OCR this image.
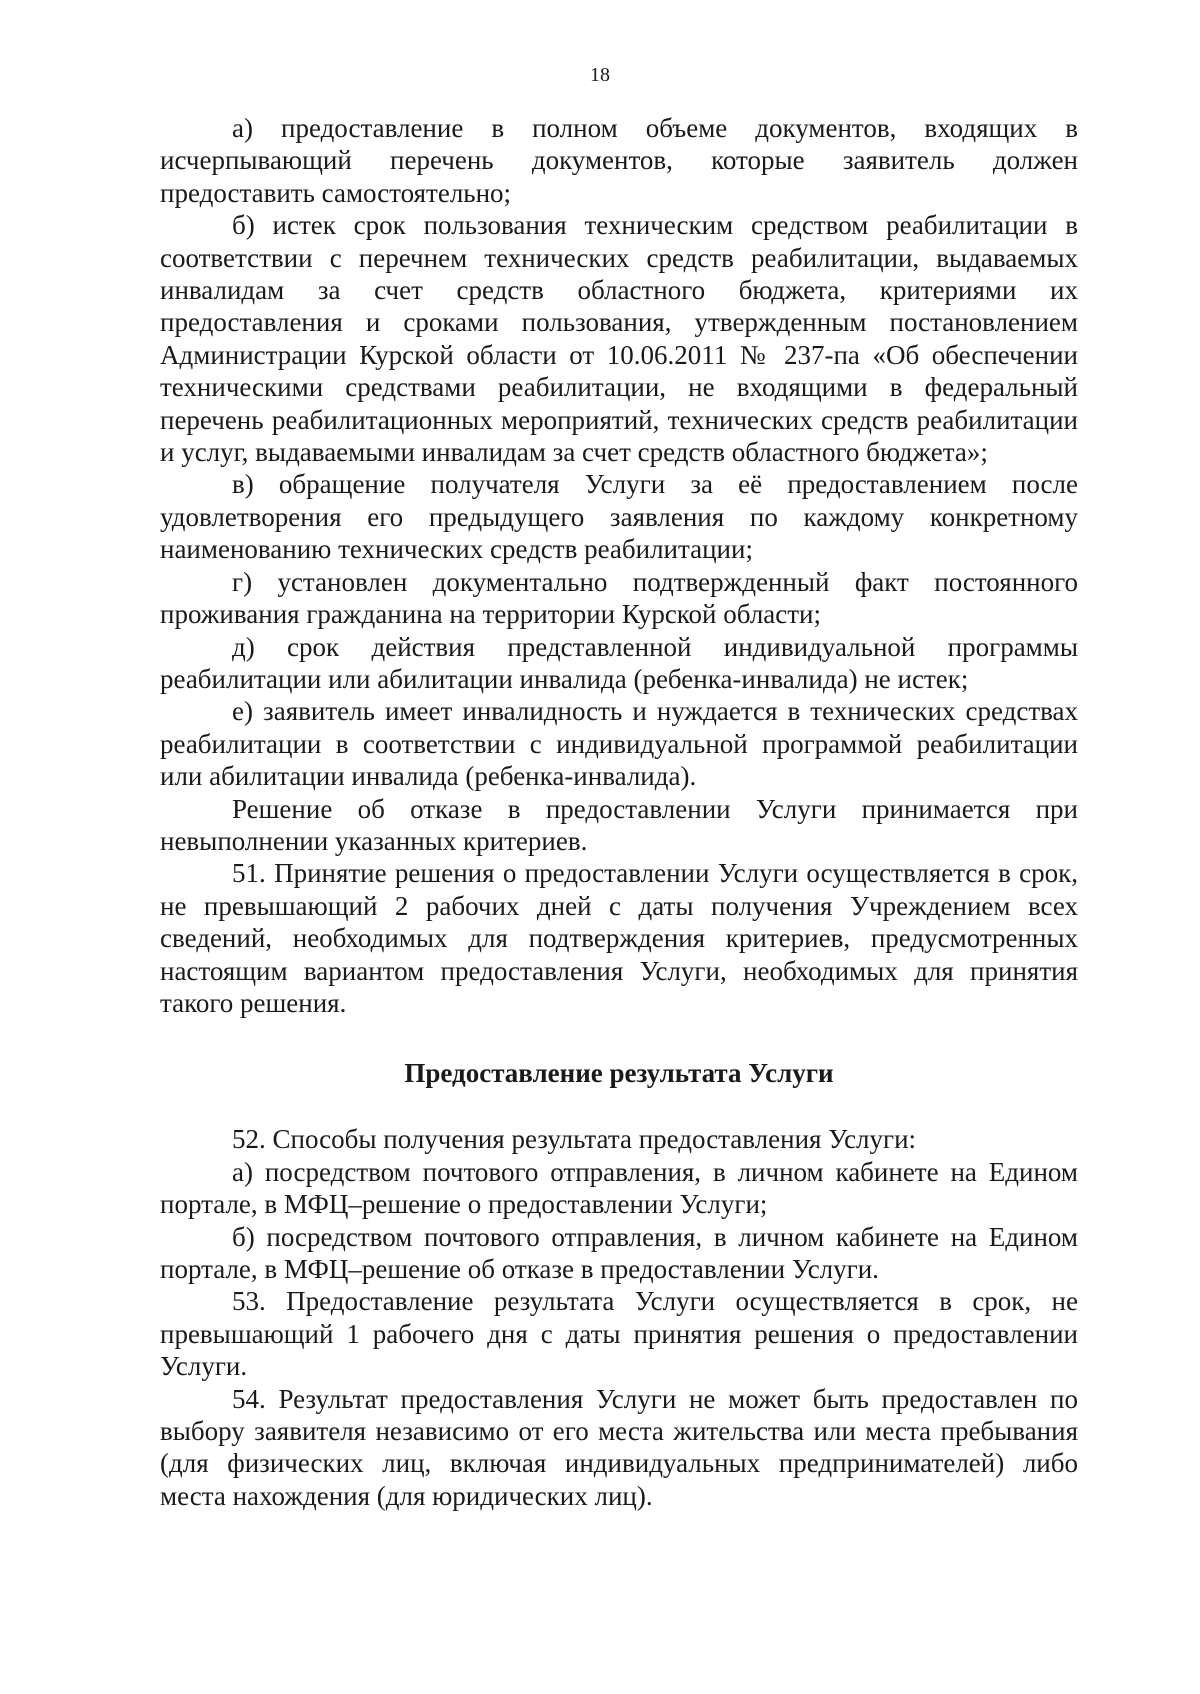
18

а) предоставление в полном объеме документов, входящих в исчерпывающий перечень документов, которые заявитель должен предоставить самостоятельно;

б) истек срок пользования техническим средством реабилитации в соответствии с перечнем технических средств реабилитации, выдаваемых инвалидам за счет средств областного бюджета, критериями их предоставления и сроками пользования, утвержденным постановлением Администрации Курской области от 10.06.2011 № 237-па «Об обеспечении техническими средствами реабилитации, не входящими в федеральный перечень реабилитационных мероприятий, технических средств реабилитации и услуг, выдаваемыми инвалидам за счет средств областного бюджета»;

в) обращение получателя Услуги за её предоставлением после удовлетворения его предыдущего заявления по каждому конкретному наименованию технических средств реабилитации;

г) установлен документально подтвержденный факт постоянного проживания гражданина на территории Курской области;

д) срок действия представленной индивидуальной программы реабилитации или абилитации инвалида (ребенка-инвалида) не истек;

е) заявитель имеет инвалидность и нуждается в технических средствах реабилитации в соответствии с индивидуальной программой реабилитации или абилитации инвалида (ребенка-инвалида).

Решение об отказе в предоставлении Услуги принимается при невыполнении указанных критериев.

51. Принятие решения о предоставлении Услуги осуществляется в срок, не превышающий 2 рабочих дней с даты получения Учреждением всех сведений, необходимых для подтверждения критериев, предусмотренных настоящим вариантом предоставления Услуги, необходимых для принятия такого решения.

Предоставление результата Услуги

52. Способы получения результата предоставления Услуги:

а) посредством почтового отправления, в личном кабинете на Едином портале, в МФЦ–решение о предоставлении Услуги;

б) посредством почтового отправления, в личном кабинете на Едином портале, в МФЦ–решение об отказе в предоставлении Услуги.

53. Предоставление результата Услуги осуществляется в срок, не превышающий 1 рабочего дня с даты принятия решения о предоставлении Услуги.

54. Результат предоставления Услуги не может быть предоставлен по выбору заявителя независимо от его места жительства или места пребывания (для физических лиц, включая индивидуальных предпринимателей) либо места нахождения (для юридических лиц).
